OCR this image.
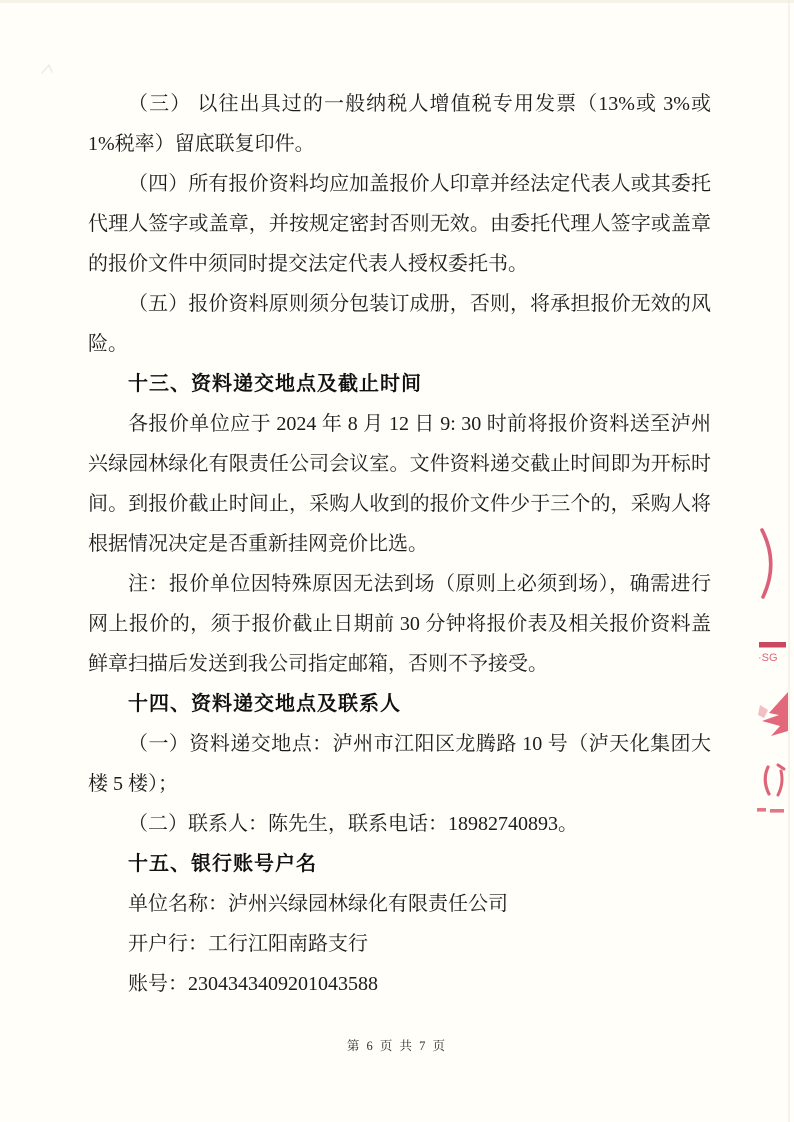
（三） 以往出具过的一般纳税人增值税专用发票（13%或 3%或 1%税率）留底联复印件。

（四）所有报价资料均应加盖报价人印章并经法定代表人或其委托代理人签字或盖章，并按规定密封否则无效。由委托代理人签字或盖章的报价文件中须同时提交法定代表人授权委托书。

（五）报价资料原则须分包装订成册，否则，将承担报价无效的风险。

十三、资料递交地点及截止时间

各报价单位应于 2024 年 8 月 12 日 9: 30 时前将报价资料送至泸州兴绿园林绿化有限责任公司会议室。文件资料递交截止时间即为开标时间。到报价截止时间止，采购人收到的报价文件少于三个的，采购人将根据情况决定是否重新挂网竞价比选。

注：报价单位因特殊原因无法到场（原则上必须到场），确需进行网上报价的，须于报价截止日期前 30 分钟将报价表及相关报价资料盖鲜章扫描后发送到我公司指定邮箱，否则不予接受。

十四、资料递交地点及联系人

（一）资料递交地点：泸州市江阳区龙腾路 10 号（泸天化集团大楼 5 楼）；

（二）联系人：陈先生，联系电话：18982740893。

十五、银行账号户名

单位名称：泸州兴绿园林绿化有限责任公司

开户行：工行江阳南路支行

账号：2304343409201043588

·SG
第 6 页 共 7 页
